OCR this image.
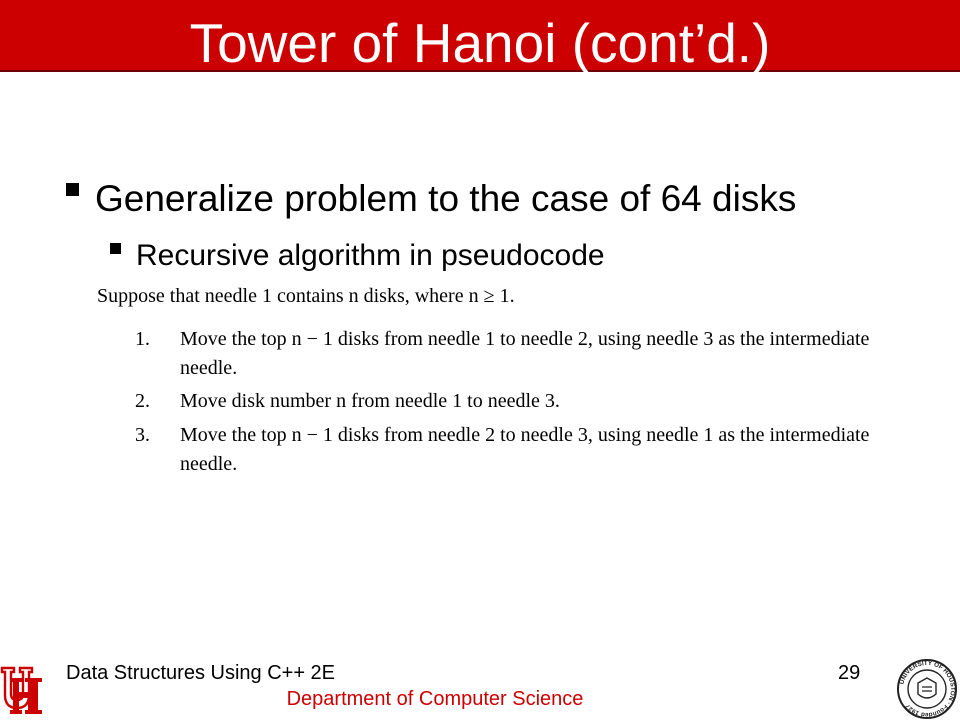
Tower of Hanoi (cont’d.)
Generalize problem to the case of 64 disks
Recursive algorithm in pseudocode
Suppose that needle 1 contains n disks, where n ≥ 1.
1. Move the top n − 1 disks from needle 1 to needle 2, using needle 3 as the intermediate needle.
2. Move disk number n from needle 1 to needle 3.
3. Move the top n − 1 disks from needle 2 to needle 3, using needle 1 as the intermediate needle.
UNIVERSITY OF HOUSTON · Founded 1927
Data Structures Using C++ 2E	29
Department of Computer Science
